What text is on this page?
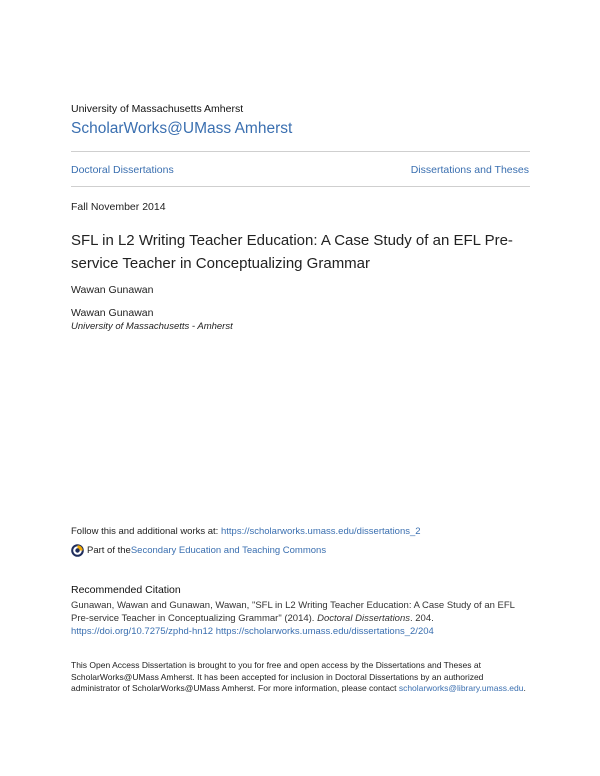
University of Massachusetts Amherst
ScholarWorks@UMass Amherst
Doctoral Dissertations	Dissertations and Theses
Fall November 2014
SFL in L2 Writing Teacher Education: A Case Study of an EFL Pre-service Teacher in Conceptualizing Grammar
Wawan Gunawan
Wawan Gunawan
University of Massachusetts - Amherst
Follow this and additional works at: https://scholarworks.umass.edu/dissertations_2
Part of the Secondary Education and Teaching Commons
Recommended Citation
Gunawan, Wawan and Gunawan, Wawan, "SFL in L2 Writing Teacher Education: A Case Study of an EFL Pre-service Teacher in Conceptualizing Grammar" (2014). Doctoral Dissertations. 204.
https://doi.org/10.7275/zphd-hn12 https://scholarworks.umass.edu/dissertations_2/204
This Open Access Dissertation is brought to you for free and open access by the Dissertations and Theses at ScholarWorks@UMass Amherst. It has been accepted for inclusion in Doctoral Dissertations by an authorized administrator of ScholarWorks@UMass Amherst. For more information, please contact scholarworks@library.umass.edu.
